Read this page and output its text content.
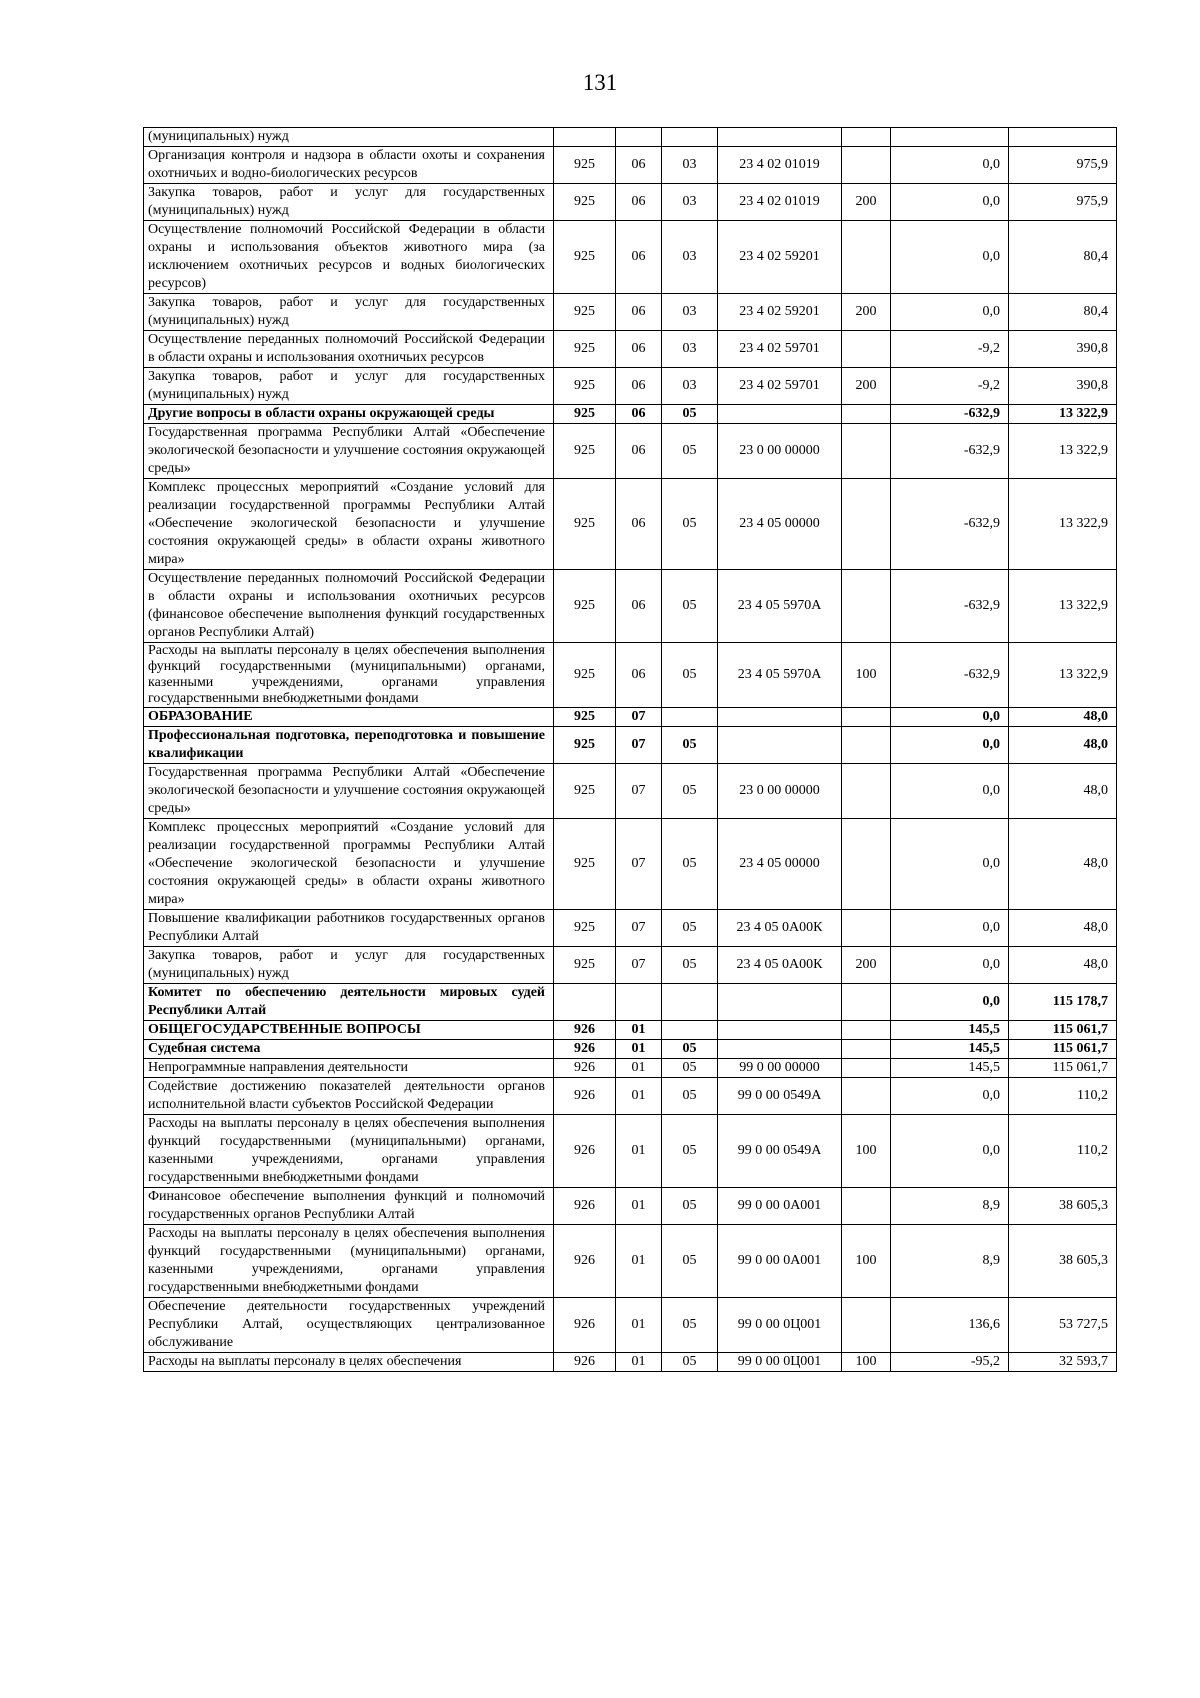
131
(муниципальных) нужд							
Организация контроля и надзора в области охоты и сохранения охотничьих и водно-биологических ресурсов	925	06	03	23 4 02 01019		0,0	975,9
Закупка товаров, работ и услуг для государственных (муниципальных) нужд	925	06	03	23 4 02 01019	200	0,0	975,9
Осуществление полномочий Российской Федерации в области охраны и использования объектов животного мира (за исключением охотничьих ресурсов и водных биологических ресурсов)	925	06	03	23 4 02 59201		0,0	80,4
Закупка товаров, работ и услуг для государственных (муниципальных) нужд	925	06	03	23 4 02 59201	200	0,0	80,4
Осуществление переданных полномочий Российской Федерации в области охраны и использования охотничьих ресурсов	925	06	03	23 4 02 59701		-9,2	390,8
Закупка товаров, работ и услуг для государственных (муниципальных) нужд	925	06	03	23 4 02 59701	200	-9,2	390,8
Другие вопросы в области охраны окружающей среды	925	06	05			-632,9	13 322,9
Государственная программа Республики Алтай «Обеспечение экологической безопасности и улучшение состояния окружающей среды»	925	06	05	23 0 00 00000		-632,9	13 322,9
Комплекс процессных мероприятий «Создание условий для реализации государственной программы Республики Алтай «Обеспечение экологической безопасности и улучшение состояния окружающей среды» в области охраны животного мира»	925	06	05	23 4 05 00000		-632,9	13 322,9
Осуществление переданных полномочий Российской Федерации в области охраны и использования охотничьих ресурсов (финансовое обеспечение выполнения функций государственных органов Республики Алтай)	925	06	05	23 4 05 5970А		-632,9	13 322,9
Расходы на выплаты персоналу в целях обеспечения выполнения функций государственными (муниципальными) органами, казенными учреждениями, органами управления государственными внебюджетными фондами	925	06	05	23 4 05 5970А	100	-632,9	13 322,9
ОБРАЗОВАНИЕ	925	07				0,0	48,0
Профессиональная подготовка, переподготовка и повышение квалификации	925	07	05			0,0	48,0
Государственная программа Республики Алтай «Обеспечение экологической безопасности и улучшение состояния окружающей среды»	925	07	05	23 0 00 00000		0,0	48,0
Комплекс процессных мероприятий «Создание условий для реализации государственной программы Республики Алтай «Обеспечение экологической безопасности и улучшение состояния окружающей среды» в области охраны животного мира»	925	07	05	23 4 05 00000		0,0	48,0
Повышение квалификации работников государственных органов Республики Алтай	925	07	05	23 4 05 0А00К		0,0	48,0
Закупка товаров, работ и услуг для государственных (муниципальных) нужд	925	07	05	23 4 05 0А00К	200	0,0	48,0
Комитет по обеспечению деятельности мировых судей Республики Алтай						0,0	115 178,7
ОБЩЕГОСУДАРСТВЕННЫЕ ВОПРОСЫ	926	01				145,5	115 061,7
Судебная система	926	01	05			145,5	115 061,7
Непрограммные направления деятельности	926	01	05	99 0 00 00000		145,5	115 061,7
Содействие достижению показателей деятельности органов исполнительной власти субъектов Российской Федерации	926	01	05	99 0 00 0549А		0,0	110,2
Расходы на выплаты персоналу в целях обеспечения выполнения функций государственными (муниципальными) органами, казенными учреждениями, органами управления государственными внебюджетными фондами	926	01	05	99 0 00 0549А	100	0,0	110,2
Финансовое обеспечение выполнения функций и полномочий государственных органов Республики Алтай	926	01	05	99 0 00 0А001		8,9	38 605,3
Расходы на выплаты персоналу в целях обеспечения выполнения функций государственными (муниципальными) органами, казенными учреждениями, органами управления государственными внебюджетными фондами	926	01	05	99 0 00 0А001	100	8,9	38 605,3
Обеспечение деятельности государственных учреждений Республики Алтай, осуществляющих централизованное обслуживание	926	01	05	99 0 00 0Ц001		136,6	53 727,5
Расходы на выплаты персоналу в целях обеспечения	926	01	05	99 0 00 0Ц001	100	-95,2	32 593,7
